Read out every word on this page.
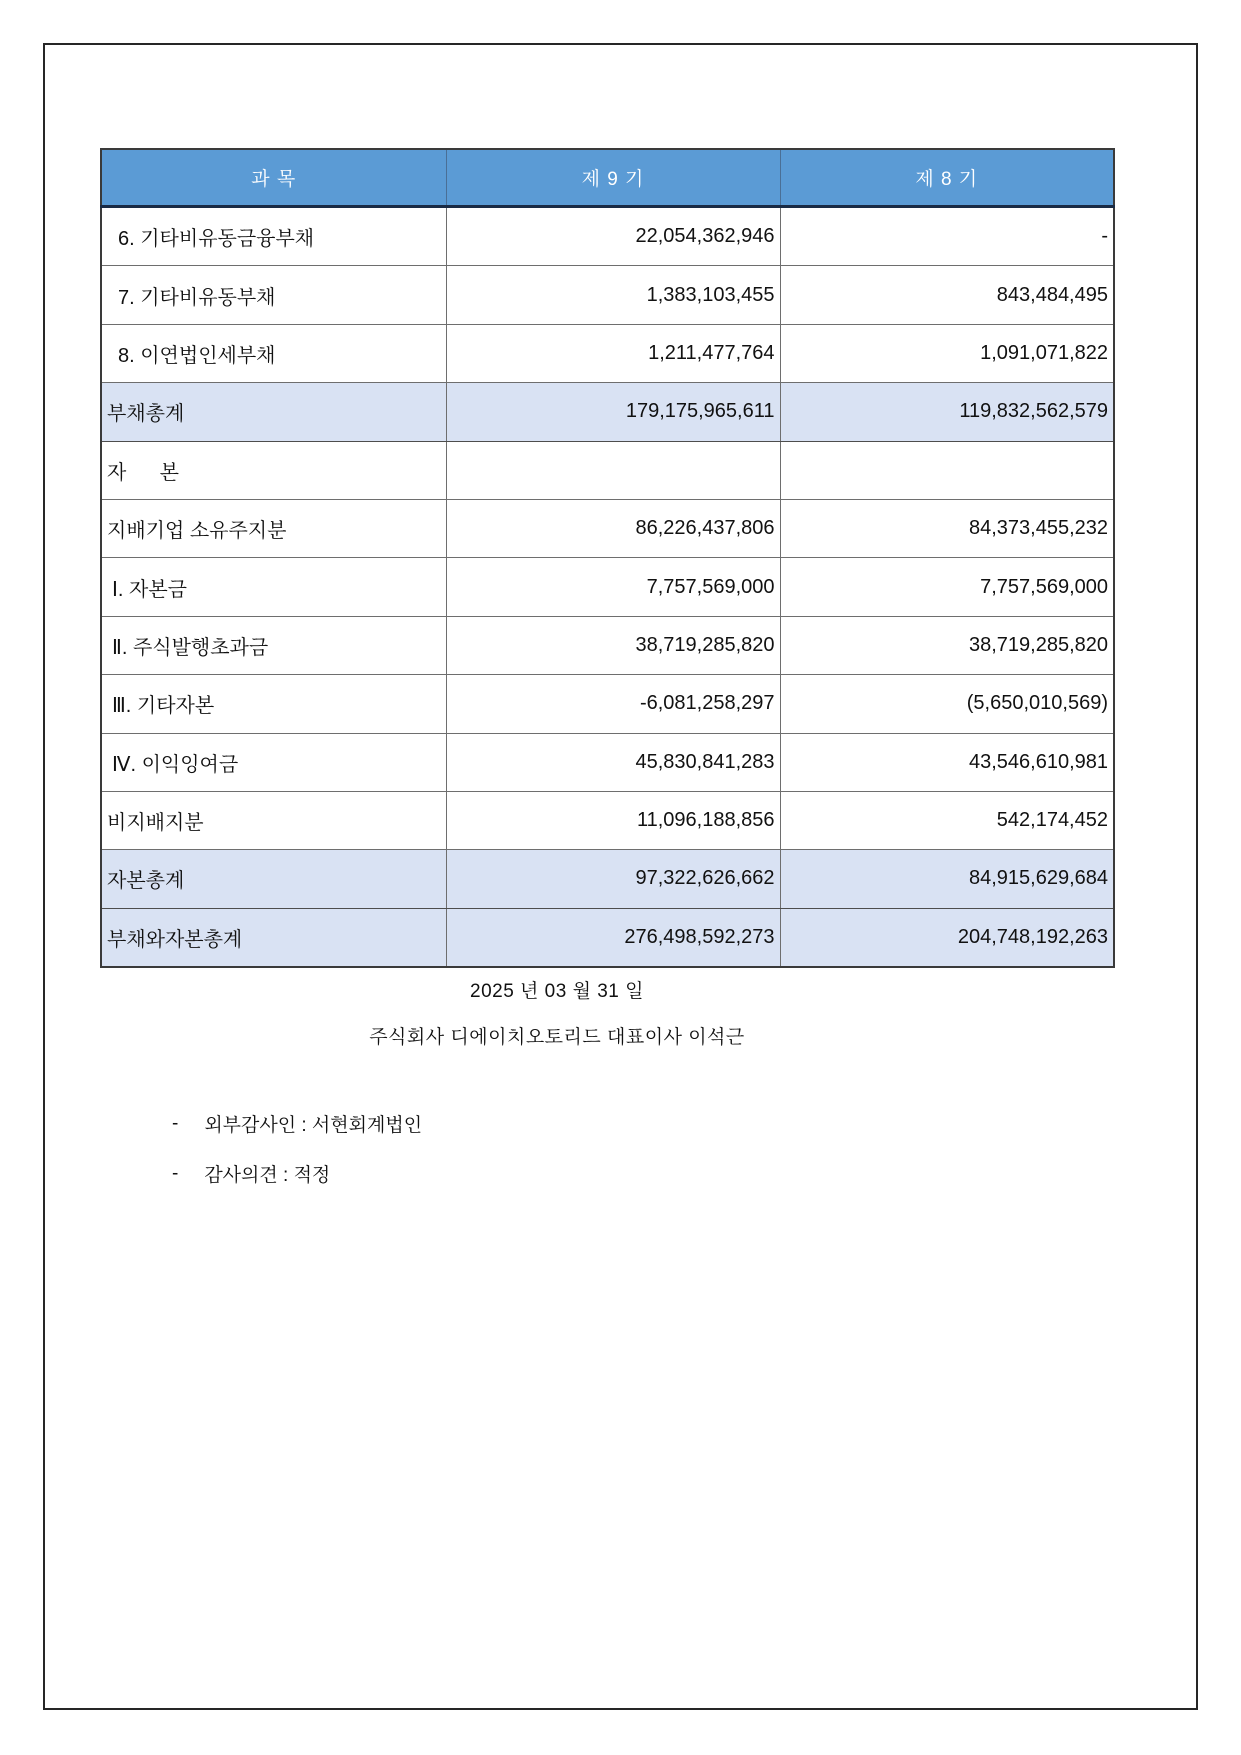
과 목	제 9 기	제 8 기
6. 기타비유동금융부채	22,054,362,946	-
7. 기타비유동부채	1,383,103,455	843,484,495
8. 이연법인세부채	1,211,477,764	1,091,071,822
부채총계	179,175,965,611	119,832,562,579
자      본		
지배기업 소유주지분	86,226,437,806	84,373,455,232
Ⅰ. 자본금	7,757,569,000	7,757,569,000
Ⅱ. 주식발행초과금	38,719,285,820	38,719,285,820
Ⅲ. 기타자본	-6,081,258,297	(5,650,010,569)
Ⅳ. 이익잉여금	45,830,841,283	43,546,610,981
비지배지분	11,096,188,856	542,174,452
자본총계	97,322,626,662	84,915,629,684
부채와자본총계	276,498,592,273	204,748,192,263
2025 년 03 월 31 일
주식회사 디에이치오토리드 대표이사 이석근
- 외부감사인 : 서현회계법인
- 감사의견 : 적정
